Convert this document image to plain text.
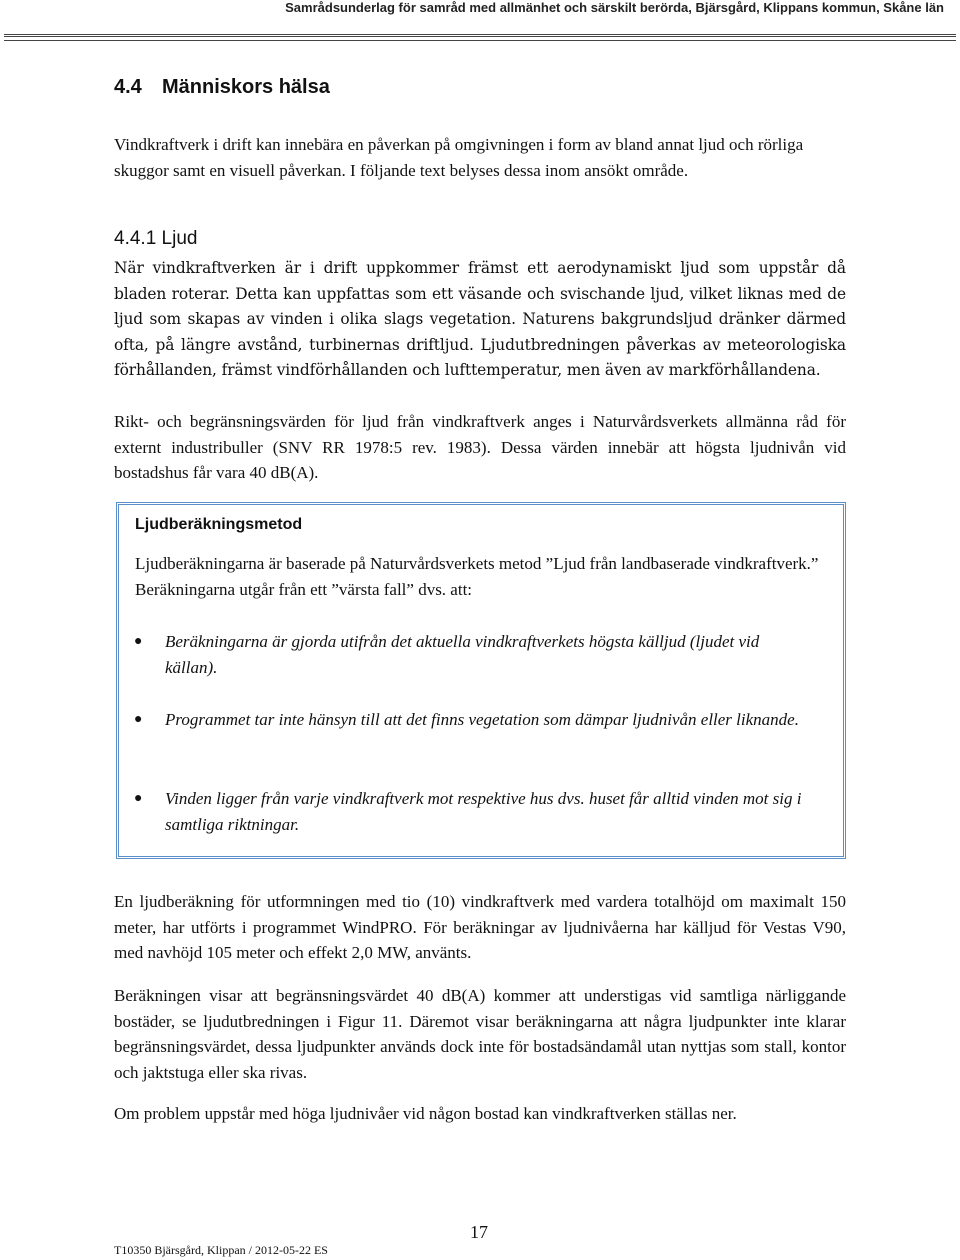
Samrådsunderlag för samråd med allmänhet och särskilt berörda, Bjärsgård, Klippans kommun, Skåne län
4.4 Människors hälsa
Vindkraftverk i drift kan innebära en påverkan på omgivningen i form av bland annat ljud och rörliga skuggor samt en visuell påverkan. I följande text belyses dessa inom ansökt område.
4.4.1 Ljud
När vindkraftverken är i drift uppkommer främst ett aerodynamiskt ljud som uppstår då bladen roterar. Detta kan uppfattas som ett väsande och svischande ljud, vilket liknas med de ljud som skapas av vinden i olika slags vegetation. Naturens bakgrundsljud dränker därmed ofta, på längre avstånd, turbinernas driftljud. Ljudutbredningen påverkas av meteorologiska förhållanden, främst vindförhållanden och lufttemperatur, men även av markförhållandena.
Rikt- och begränsningsvärden för ljud från vindkraftverk anges i Naturvårdsverkets allmänna råd för externt industribuller (SNV RR 1978:5 rev. 1983). Dessa värden innebär att högsta ljudnivån vid bostadshus får vara 40 dB(A).
En ljudberäkning för utformningen med tio (10) vindkraftverk med vardera totalhöjd om maximalt 150 meter, har utförts i programmet WindPRO. För beräkningar av ljudnivåerna har källjud för Vestas V90, med navhöjd 105 meter och effekt 2,0 MW, använts.
Beräkningen visar att begränsningsvärdet 40 dB(A) kommer att understigas vid samtliga närliggande bostäder, se ljudutbredningen i Figur 11. Däremot visar beräkningarna att några ljudpunkter inte klarar begränsningsvärdet, dessa ljudpunkter används dock inte för bostadsändamål utan nyttjas som stall, kontor och jaktstuga eller ska rivas.
Om problem uppstår med höga ljudnivåer vid någon bostad kan vindkraftverken ställas ner.
Ljudberäkningsmetod
Ljudberäkningarna är baserade på Naturvårdsverkets metod ”Ljud från landbaserade vindkraftverk.” Beräkningarna utgår från ett ”värsta fall” dvs. att:
● Beräkningarna är gjorda utifrån det aktuella vindkraftverkets högsta källjud (ljudet vid källan).
● Programmet tar inte hänsyn till att det finns vegetation som dämpar ljudnivån eller liknande.
● Vinden ligger från varje vindkraftverk mot respektive hus dvs. huset får alltid vinden mot sig i samtliga riktningar.
17
T10350 Bjärsgård, Klippan / 2012-05-22 ES
